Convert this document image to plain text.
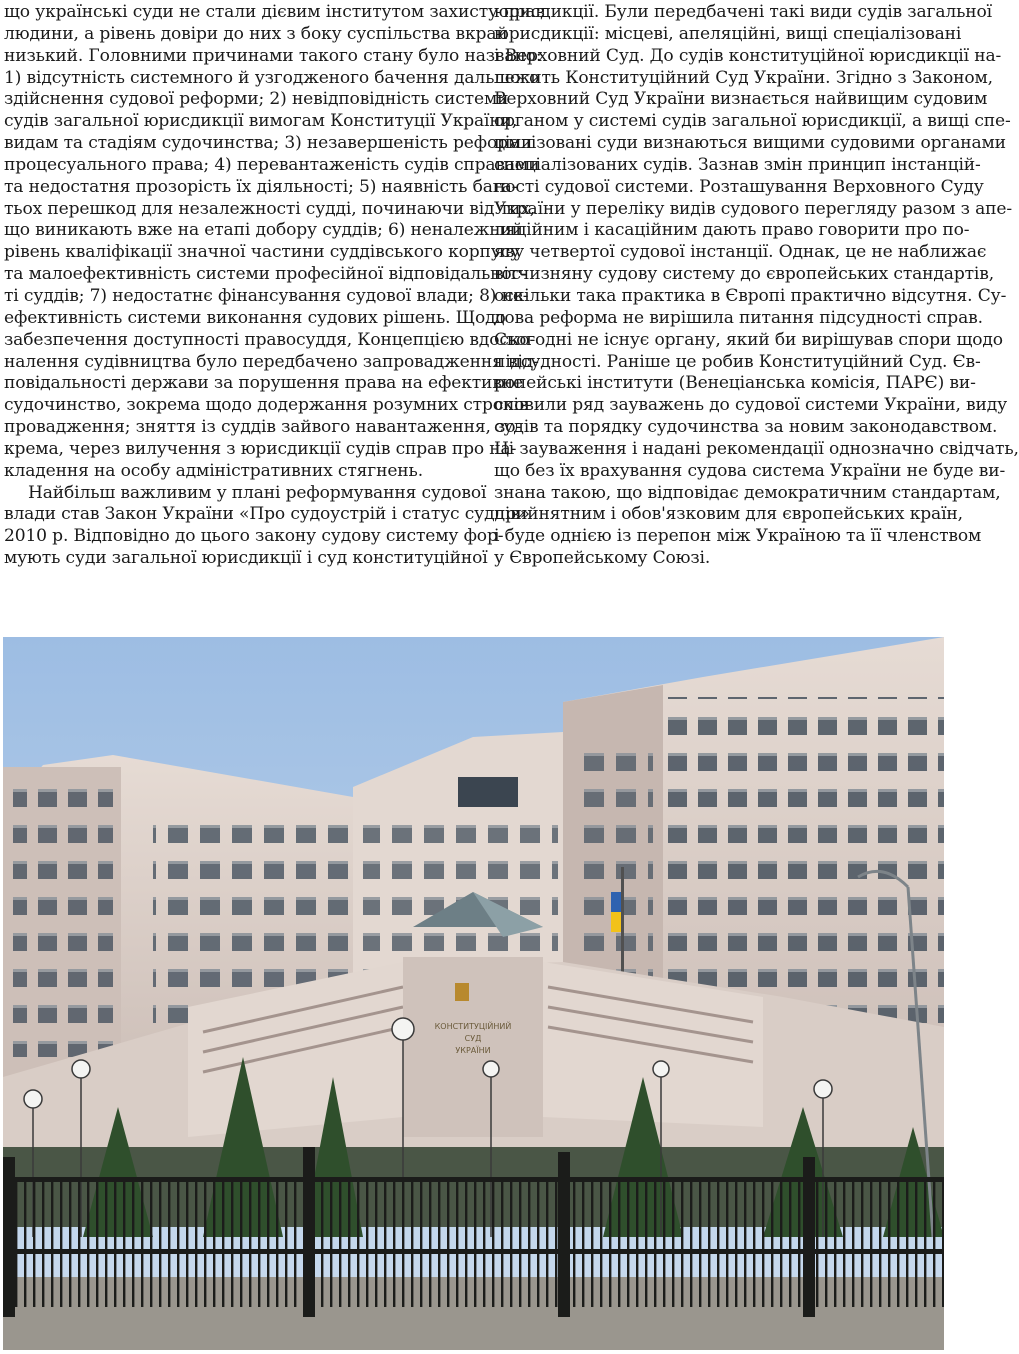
що українські суди не стали дієвим інститутом захисту прав
людини, а рівень довіри до них з боку суспільства вкрай
низький. Головними причинами такого стану було названо:
1) відсутність системного й узгодженого бачення дальшого
здійснення судової реформи; 2) невідповідність системи
судів загальної юрисдикції вимогам Конституції України,
видам та стадіям судочинства; 3) незавершеність реформи
процесуального права; 4) перевантаженість судів справами
та недостатня прозорість їх діяльності; 5) наявність бага-
тьох перешкод для незалежності судді, починаючи від тих,
що виникають вже на етапі добору суддів; 6) неналежний
рівень кваліфікації значної частини суддівського корпусу
та малоефективність системи професійної відповідальнос-
ті суддів; 7) недостатнє фінансування судової влади; 8) не-
ефективність системи виконання судових рішень. Щодо
забезпечення доступності правосуддя, Концепцією вдоско-
налення судівництва було передбачено запровадження від-
повідальності держави за порушення права на ефективне
судочинство, зокрема щодо додержання розумних строків
провадження; зняття із суддів зайвого навантаження, зо-
крема, через вилучення з юрисдикції судів справ про на-
кладення на особу адміністративних стягнень.
Найбільш важливим у плані реформування судової
влади став Закон України «Про судоустрій і статус суддів»
2010 р. Відповідно до цього закону судову систему фор-
мують суди загальної юрисдикції і суд конституційної
юрисдикції. Були передбачені такі види судів загальної
юрисдикції: місцеві, апеляційні, вищі спеціалізовані
і Верховний Суд. До судів конституційної юрисдикції на-
лежить Конституційний Суд України. Згідно з Законом,
Верховний Суд України визнається найвищим судовим
органом у системі судів загальної юрисдикції, а вищі спе-
ціалізовані суди визнаються вищими судовими органами
спеціалізованих судів. Зазнав змін принцип інстанцій-
ності судової системи. Розташування Верховного Суду
України у переліку видів судового перегляду разом з апе-
ляційним і касаційним дають право говорити про по-
яву четвертої судової інстанції. Однак, це не наближає
вітчизняну судову систему до європейських стандартів,
оскільки така практика в Європі практично відсутня. Су-
дова реформа не вирішила питання підсудності справ.
Сьогодні не існує органу, який би вирішував спори щодо
підсудності. Раніше це робив Конституційний Суд. Єв-
ропейські інститути (Венеціанська комісія, ПАРЄ) ви-
словили ряд зауважень до судової системи України, виду
судів та порядку судочинства за новим законодавством.
Ці зауваження і надані рекомендації однозначно свідчать,
що без їх врахування судова система України не буде ви-
знана такою, що відповідає демократичним стандартам,
прийнятним і обов'язковим для європейських країн,
і буде однією із перепон між Україною та її членством
у Європейському Союзі.
КОНСТИТУЦІЙНИЙ
СУД
УКРАЇНИ
